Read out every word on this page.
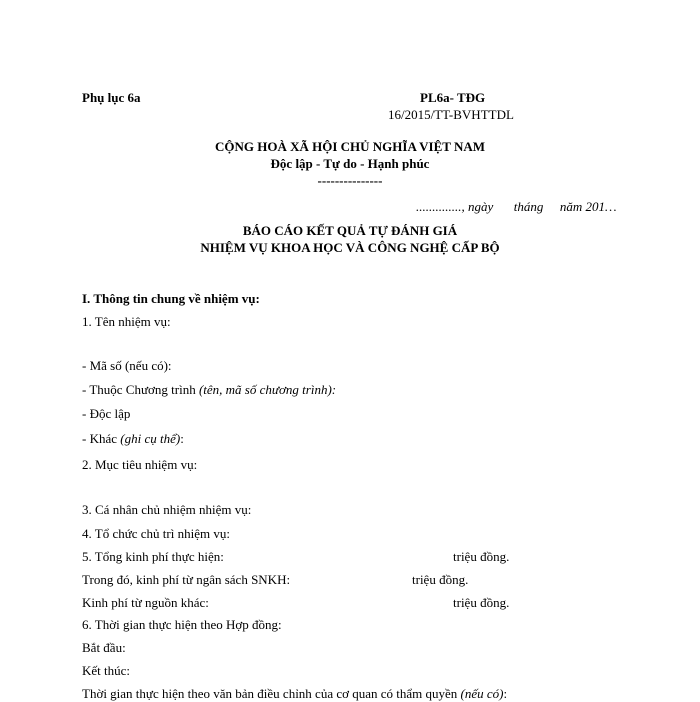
Phụ lục 6a	PL6a- TĐG
16/2015/TT-BVHTTDL
CỘNG HOÀ XÃ HỘI CHỦ NGHĨA VIỆT NAM
Độc lập - Tự do - Hạnh phúc
---------------
.............., ngày tháng năm 201…
BÁO CÁO KẾT QUẢ TỰ ĐÁNH GIÁ
NHIỆM VỤ KHOA HỌC VÀ CÔNG NGHỆ CẤP BỘ
I. Thông tin chung về nhiệm vụ:
1. Tên nhiệm vụ:
- Mã số (nếu có):
- Thuộc Chương trình (tên, mã số chương trình):
- Độc lập
- Khác (ghi cụ thể):
2. Mục tiêu nhiệm vụ:
3. Cá nhân chủ nhiệm nhiệm vụ:
4. Tổ chức chủ trì nhiệm vụ:
5. Tổng kinh phí thực hiện:	triệu đồng.
Trong đó, kinh phí từ ngân sách SNKH:	triệu đồng.
Kinh phí từ nguồn khác:	triệu đồng.
6. Thời gian thực hiện theo Hợp đồng:
Bắt đầu:
Kết thúc:
Thời gian thực hiện theo văn bản điều chỉnh của cơ quan có thẩm quyền (nếu có):
